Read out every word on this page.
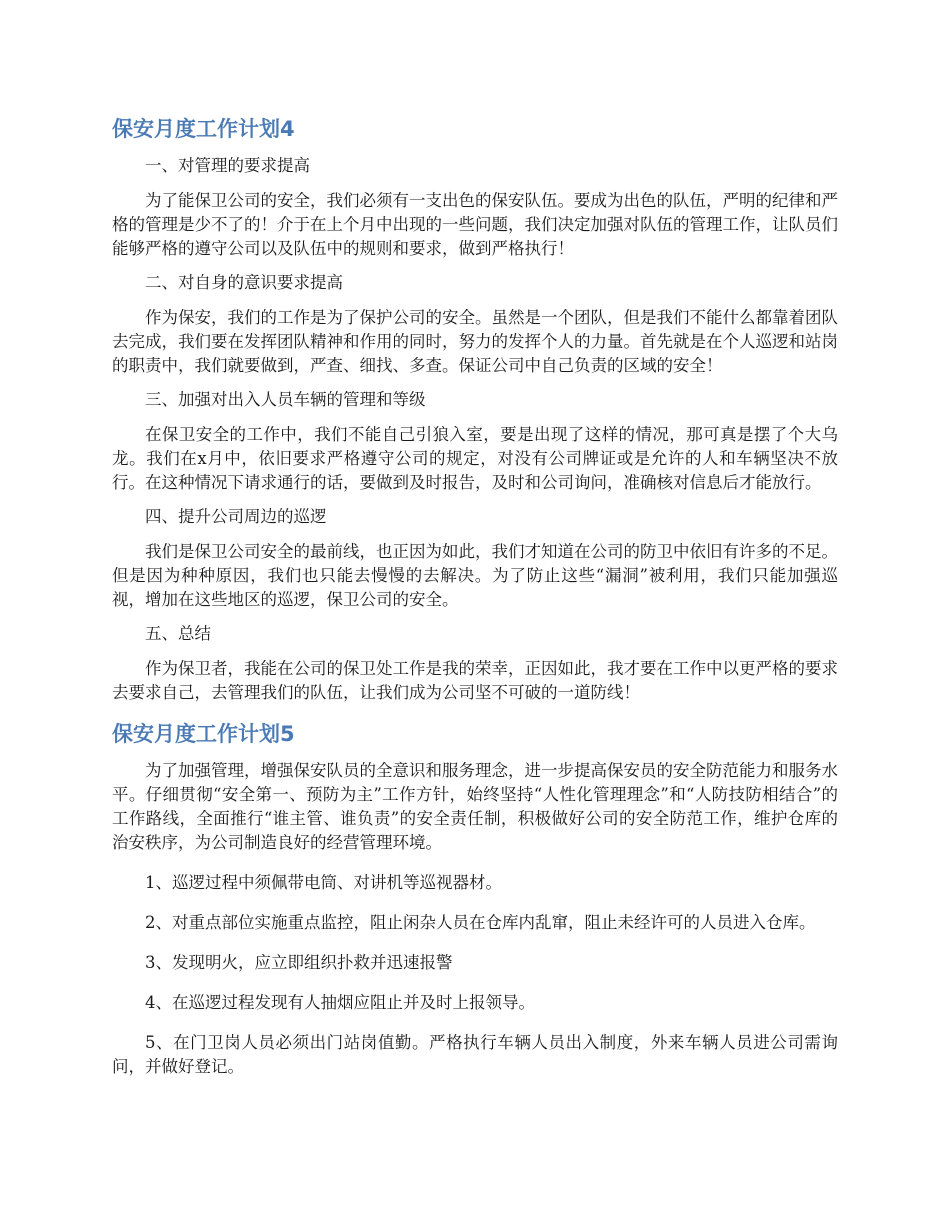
保安月度工作计划4

一、对管理的要求提高

为了能保卫公司的安全，我们必须有一支出色的保安队伍。要成为出色的队伍，严明的纪律和严格的管理是少不了的！介于在上个月中出现的一些问题，我们决定加强对队伍的管理工作，让队员们能够严格的遵守公司以及队伍中的规则和要求，做到严格执行！

二、对自身的意识要求提高

作为保安，我们的工作是为了保护公司的安全。虽然是一个团队，但是我们不能什么都靠着团队去完成，我们要在发挥团队精神和作用的同时，努力的发挥个人的力量。首先就是在个人巡逻和站岗的职责中，我们就要做到，严查、细找、多查。保证公司中自己负责的区域的安全！

三、加强对出入人员车辆的管理和等级

在保卫安全的工作中，我们不能自己引狼入室，要是出现了这样的情况，那可真是摆了个大乌龙。我们在x月中，依旧要求严格遵守公司的规定，对没有公司牌证或是允许的人和车辆坚决不放行。在这种情况下请求通行的话，要做到及时报告，及时和公司询问，准确核对信息后才能放行。

四、提升公司周边的巡逻

我们是保卫公司安全的最前线，也正因为如此，我们才知道在公司的防卫中依旧有许多的不足。但是因为种种原因，我们也只能去慢慢的去解决。为了防止这些“漏洞”被利用，我们只能加强巡视，增加在这些地区的巡逻，保卫公司的安全。

五、总结

作为保卫者，我能在公司的保卫处工作是我的荣幸，正因如此，我才要在工作中以更严格的要求去要求自己，去管理我们的队伍，让我们成为公司坚不可破的一道防线！

保安月度工作计划5

为了加强管理，增强保安队员的全意识和服务理念，进一步提高保安员的安全防范能力和服务水平。仔细贯彻“安全第一、预防为主”工作方针，始终坚持“人性化管理理念”和“人防技防相结合”的工作路线，全面推行“谁主管、谁负责”的安全责任制，积极做好公司的安全防范工作，维护仓库的治安秩序，为公司制造良好的经营管理环境。

1、巡逻过程中须佩带电筒、对讲机等巡视器材。

2、对重点部位实施重点监控，阻止闲杂人员在仓库内乱窜，阻止未经许可的人员进入仓库。

3、发现明火，应立即组织扑救并迅速报警

4、在巡逻过程发现有人抽烟应阻止并及时上报领导。

5、在门卫岗人员必须出门站岗值勤。严格执行车辆人员出入制度，外来车辆人员进公司需询问，并做好登记。
